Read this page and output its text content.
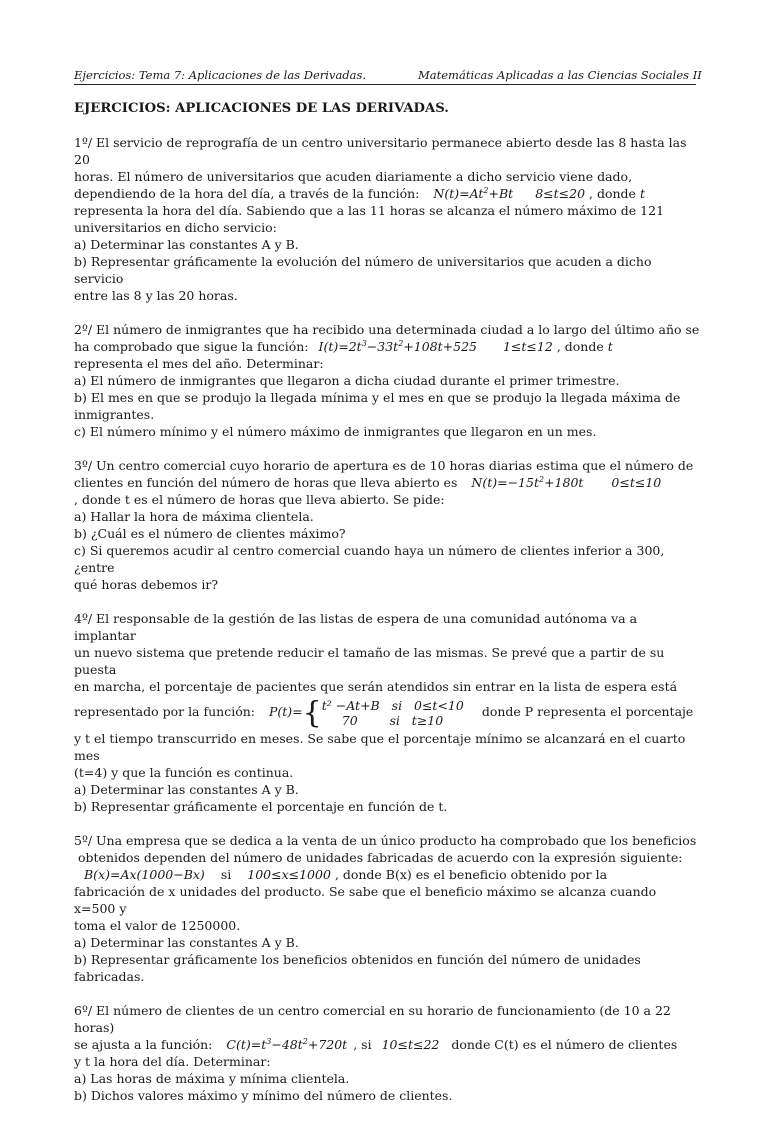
Ejercicios: Tema 7: Aplicaciones de las Derivadas.	Matemáticas Aplicadas a las Ciencias Sociales II
EJERCICIOS: APLICACIONES DE LAS DERIVADAS.

1º/ El servicio de reprografía de un centro universitario permanece abierto desde las 8 hasta las 20

horas. El número de universitarios que acuden diariamente a dicho servicio viene dado,

dependiendo de la hora del día, a través de la función: $N(t)=At^2+Bt$ 8≤t≤20 , donde t

representa la hora del día. Sabiendo que a las 11 horas se alcanza el número máximo de 121

universitarios en dicho servicio:

a) Determinar las constantes A y B.

b) Representar gráficamente la evolución del número de universitarios que acuden a dicho servicio

entre las 8 y las 20 horas.

2º/ El número de inmigrantes que ha recibido una determinada ciudad a lo largo del último año se

ha comprobado que sigue la función: $I(t)=2t^3-33t^2+108t+525$ 1≤t≤12 , donde t

representa el mes del año. Determinar:

a) El número de inmigrantes que llegaron a dicha ciudad durante el primer trimestre.

b) El mes en que se produjo la llegada mínima y el mes en que se produjo la llegada máxima de

inmigrantes.

c) El número mínimo y el número máximo de inmigrantes que llegaron en un mes.

3º/ Un centro comercial cuyo horario de apertura es de 10 horas diarias estima que el número de

clientes en función del número de horas que lleva abierto es $N(t)=-15t^2+180t$ 0≤t≤10

, donde t es el número de horas que lleva abierto. Se pide:

a) Hallar la hora de máxima clientela.

b) ¿Cuál es el número de clientes máximo?

c) Si queremos acudir al centro comercial cuando haya un número de clientes inferior a 300, ¿entre

qué horas debemos ir?

4º/ El responsable de la gestión de las listas de espera de una comunidad autónoma va a implantar

un nuevo sistema que pretende reducir el tamaño de las mismas. Se prevé que a partir de su puesta

en marcha, el porcentaje de pacientes que serán atendidos sin entrar en la lista de espera está

representado por la función: P(t)={t² −At+B   si   0≤t<10
70        si   t≥10donde P representa el porcentaje

y t el tiempo transcurrido en meses. Se sabe que el porcentaje mínimo se alcanzará en el cuarto mes

(t=4) y que la función es continua.

a) Determinar las constantes A y B.

b) Representar gráficamente el porcentaje en función de t.

5º/ Una empresa que se dedica a la venta de un único producto ha comprobado que los beneficios

obtenidos dependen del número de unidades fabricadas de acuerdo con la expresión siguiente:

B(x)=Ax(1000−Bx) si 100≤x≤1000 , donde B(x) es el beneficio obtenido por la

fabricación de x unidades del producto. Se sabe que el beneficio máximo se alcanza cuando x=500 y

toma el valor de 1250000.

a) Determinar las constantes A y B.

b) Representar gráficamente los beneficios obtenidos en función del número de unidades fabricadas.

6º/ El número de clientes de un centro comercial en su horario de funcionamiento (de 10 a 22 horas)

se ajusta a la función: $C(t)=t^3-48t^2+720t$ , si 10≤t≤22 donde C(t) es el número de clientes

y t la hora del día. Determinar:

a) Las horas de máxima y mínima clientela.

b) Dichos valores máximo y mínimo del número de clientes.
